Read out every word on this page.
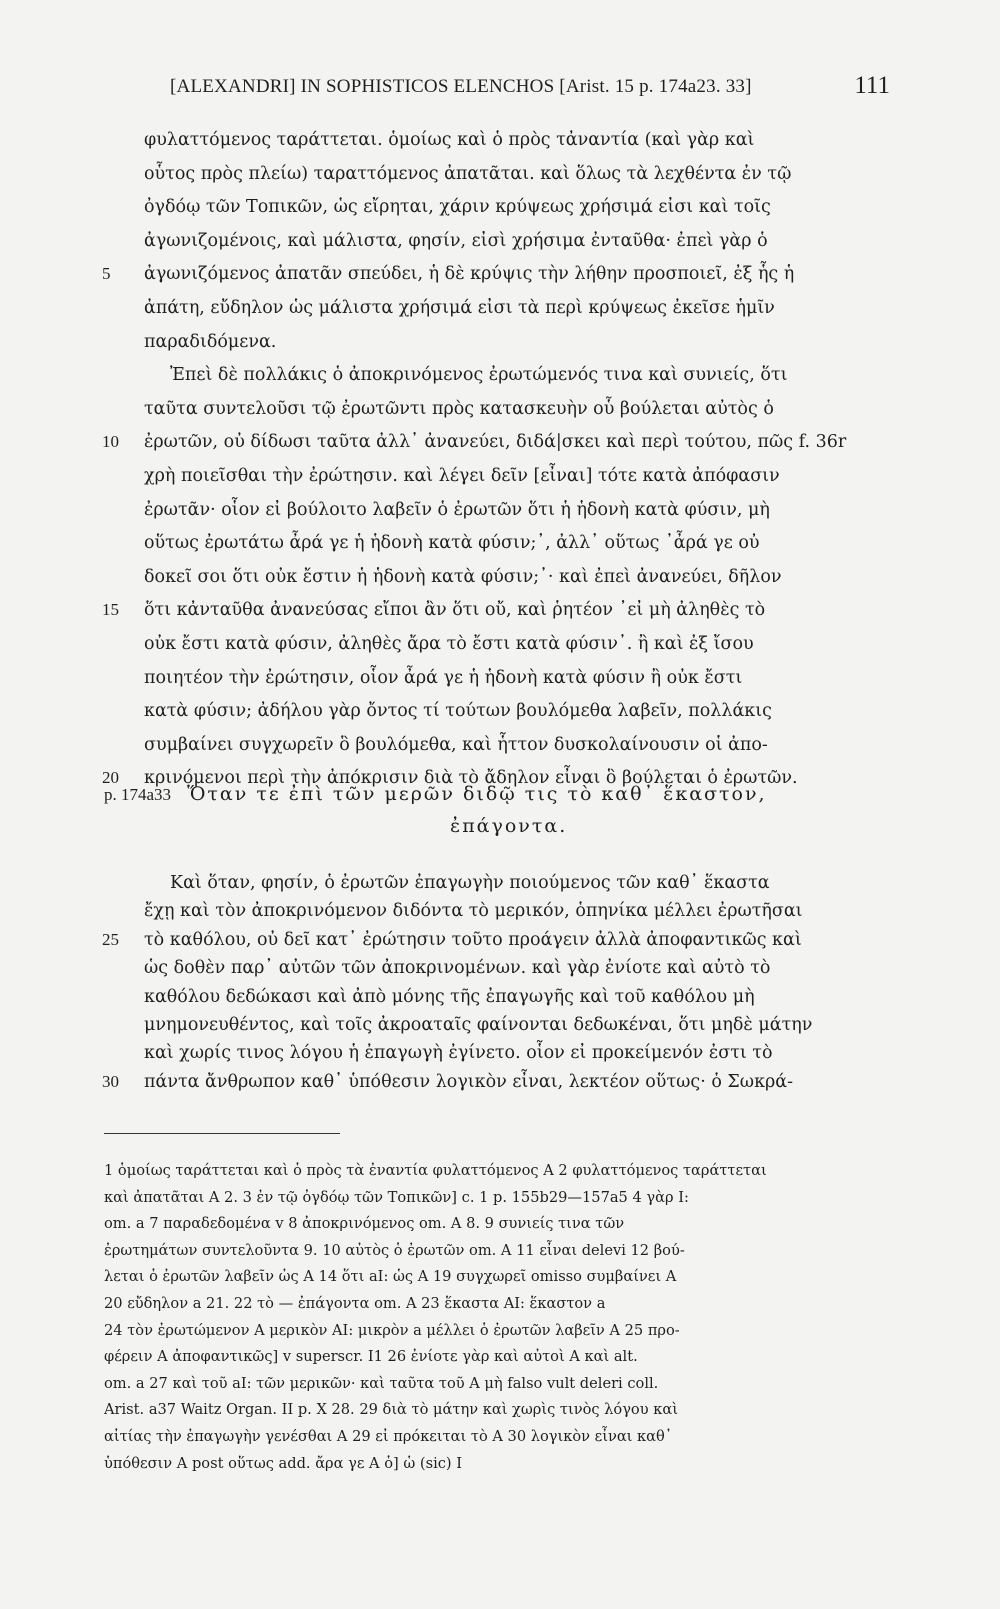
[ALEXANDRI] IN SOPHISTICOS ELENCHOS [Arist. 15 p. 174a23. 33]	111
φυλαττόμενος ταράττεται. ὁμοίως καὶ ὁ πρὸς τἀναντία (καὶ γὰρ καὶ
οὗτος πρὸς πλείω) ταραττόμενος ἀπατᾶται. καὶ ὅλως τὰ λεχθέντα ἐν τῷ
ὀγδόῳ τῶν Τοπικῶν, ὡς εἴρηται, χάριν κρύψεως χρήσιμά εἰσι καὶ τοῖς
ἀγωνιζομένοις, καὶ μάλιστα, φησίν, εἰσὶ χρήσιμα ἐνταῦθα· ἐπεὶ γὰρ ὁ
5	ἀγωνιζόμενος ἀπατᾶν σπεύδει, ἡ δὲ κρύψις τὴν λήθην προσποιεῖ, ἐξ ἧς ἡ
ἀπάτη, εὔδηλον ὡς μάλιστα χρήσιμά εἰσι τὰ περὶ κρύψεως ἐκεῖσε ἡμῖν
παραδιδόμενα.
Ἐπεὶ δὲ πολλάκις ὁ ἀποκρινόμενος ἐρωτώμενός τινα καὶ συνιείς, ὅτι
ταῦτα συντελοῦσι τῷ ἐρωτῶντι πρὸς κατασκευὴν οὗ βούλεται αὐτὸς ὁ
10	ἐρωτῶν, οὐ δίδωσι ταῦτα ἀλλ᾽ ἀνανεύει, διδά|σκει καὶ περὶ τούτου, πῶς f. 36r
χρὴ ποιεῖσθαι τὴν ἐρώτησιν. καὶ λέγει δεῖν [εἶναι] τότε κατὰ ἀπόφασιν
ἐρωτᾶν· οἷον εἰ βούλοιτο λαβεῖν ὁ ἐρωτῶν ὅτι ἡ ἡδονὴ κατὰ φύσιν, μὴ
οὕτως ἐρωτάτω ἆρά γε ἡ ἡδονὴ κατὰ φύσιν;᾽, ἀλλ᾽ οὕτως ᾽ἆρά γε οὐ
δοκεῖ σοι ὅτι οὐκ ἔστιν ἡ ἡδονὴ κατὰ φύσιν;᾽· καὶ ἐπεὶ ἀνανεύει, δῆλον
15	ὅτι κἀνταῦθα ἀνανεύσας εἴποι ἂν ὅτι οὔ, καὶ ῥητέον ᾽εἰ μὴ ἀληθὲς τὸ
οὐκ ἔστι κατὰ φύσιν, ἀληθὲς ἄρα τὸ ἔστι κατὰ φύσιν᾽. ἢ καὶ ἐξ ἴσου
ποιητέον τὴν ἐρώτησιν, οἷον ἆρά γε ἡ ἡδονὴ κατὰ φύσιν ἢ οὐκ ἔστι
κατὰ φύσιν; ἀδήλου γὰρ ὄντος τί τούτων βουλόμεθα λαβεῖν, πολλάκις
συμβαίνει συγχωρεῖν ὃ βουλόμεθα, καὶ ἧττον δυσκολαίνουσιν οἱ ἀπο-
20	κρινόμενοι περὶ τὴν ἀπόκρισιν διὰ τὸ ἄδηλον εἶναι ὃ βούλεται ὁ ἐρωτῶν.
p. 174a33 Ὅταν τε ἐπὶ τῶν μερῶν διδῷ τις τὸ καθ᾽ ἕκαστον,
ἐπάγοντα.
Καὶ ὅταν, φησίν, ὁ ἐρωτῶν ἐπαγωγὴν ποιούμενος τῶν καθ᾽ ἕκαστα
ἔχῃ καὶ τὸν ἀποκρινόμενον διδόντα τὸ μερικόν, ὁπηνίκα μέλλει ἐρωτῆσαι
25	τὸ καθόλου, οὐ δεῖ κατ᾽ ἐρώτησιν τοῦτο προάγειν ἀλλὰ ἀποφαντικῶς καὶ
ὡς δοθὲν παρ᾽ αὐτῶν τῶν ἀποκρινομένων. καὶ γὰρ ἐνίοτε καὶ αὐτὸ τὸ
καθόλου δεδώκασι καὶ ἀπὸ μόνης τῆς ἐπαγωγῆς καὶ τοῦ καθόλου μὴ
μνημονευθέντος, καὶ τοῖς ἀκροαταῖς φαίνονται δεδωκέναι, ὅτι μηδὲ μάτην
καὶ χωρίς τινος λόγου ἡ ἐπαγωγὴ ἐγίνετο. οἷον εἰ προκείμενόν ἐστι τὸ
30	πάντα ἄνθρωπον καθ᾽ ὑπόθεσιν λογικὸν εἶναι, λεκτέον οὕτως· ὁ Σωκρά-
1 ὁμοίως ταράττεται καὶ ὁ πρὸς τὰ ἐναντία φυλαττόμενος A 2 φυλαττόμενος ταράττεται
καὶ ἀπατᾶται A 2. 3 ἐν τῷ ὀγδόῳ τῶν Τοπικῶν] c. 1 p. 155b29—157a5 4 γὰρ I:
om. a 7 παραδεδομένα v 8 ἀποκρινόμενος om. A 8. 9 συνιείς τινα τῶν
ἐρωτημάτων συντελοῦντα 9. 10 αὐτὸς ὁ ἐρωτῶν om. A 11 εἶναι delevi 12 βού-
λεται ὁ ἐρωτῶν λαβεῖν ὡς A 14 ὅτι aI: ὡς A 19 συγχωρεῖ omisso συμβαίνει A
20 εὔδηλον a 21. 22 τὸ — ἐπάγοντα om. A 23 ἕκαστα AI: ἕκαστον a
24 τὸν ἐρωτώμενον A μερικὸν AI: μικρὸν a μέλλει ὁ ἐρωτῶν λαβεῖν A 25 προ-
φέρειν A ἀποφαντικῶς] v superscr. I1 26 ἐνίοτε γὰρ καὶ αὐτοὶ A καὶ alt.
om. a 27 καὶ τοῦ aI: τῶν μερικῶν· καὶ ταῦτα τοῦ A μὴ falso vult deleri coll.
Arist. a37 Waitz Organ. II p. X 28. 29 διὰ τὸ μάτην καὶ χωρὶς τινὸς λόγου καὶ
αἰτίας τὴν ἐπαγωγὴν γενέσθαι A 29 εἰ πρόκειται τὸ A 30 λογικὸν εἶναι καθ᾽
ὑπόθεσιν A post οὕτως add. ἄρα γε A ὁ] ὡ (sic) I
